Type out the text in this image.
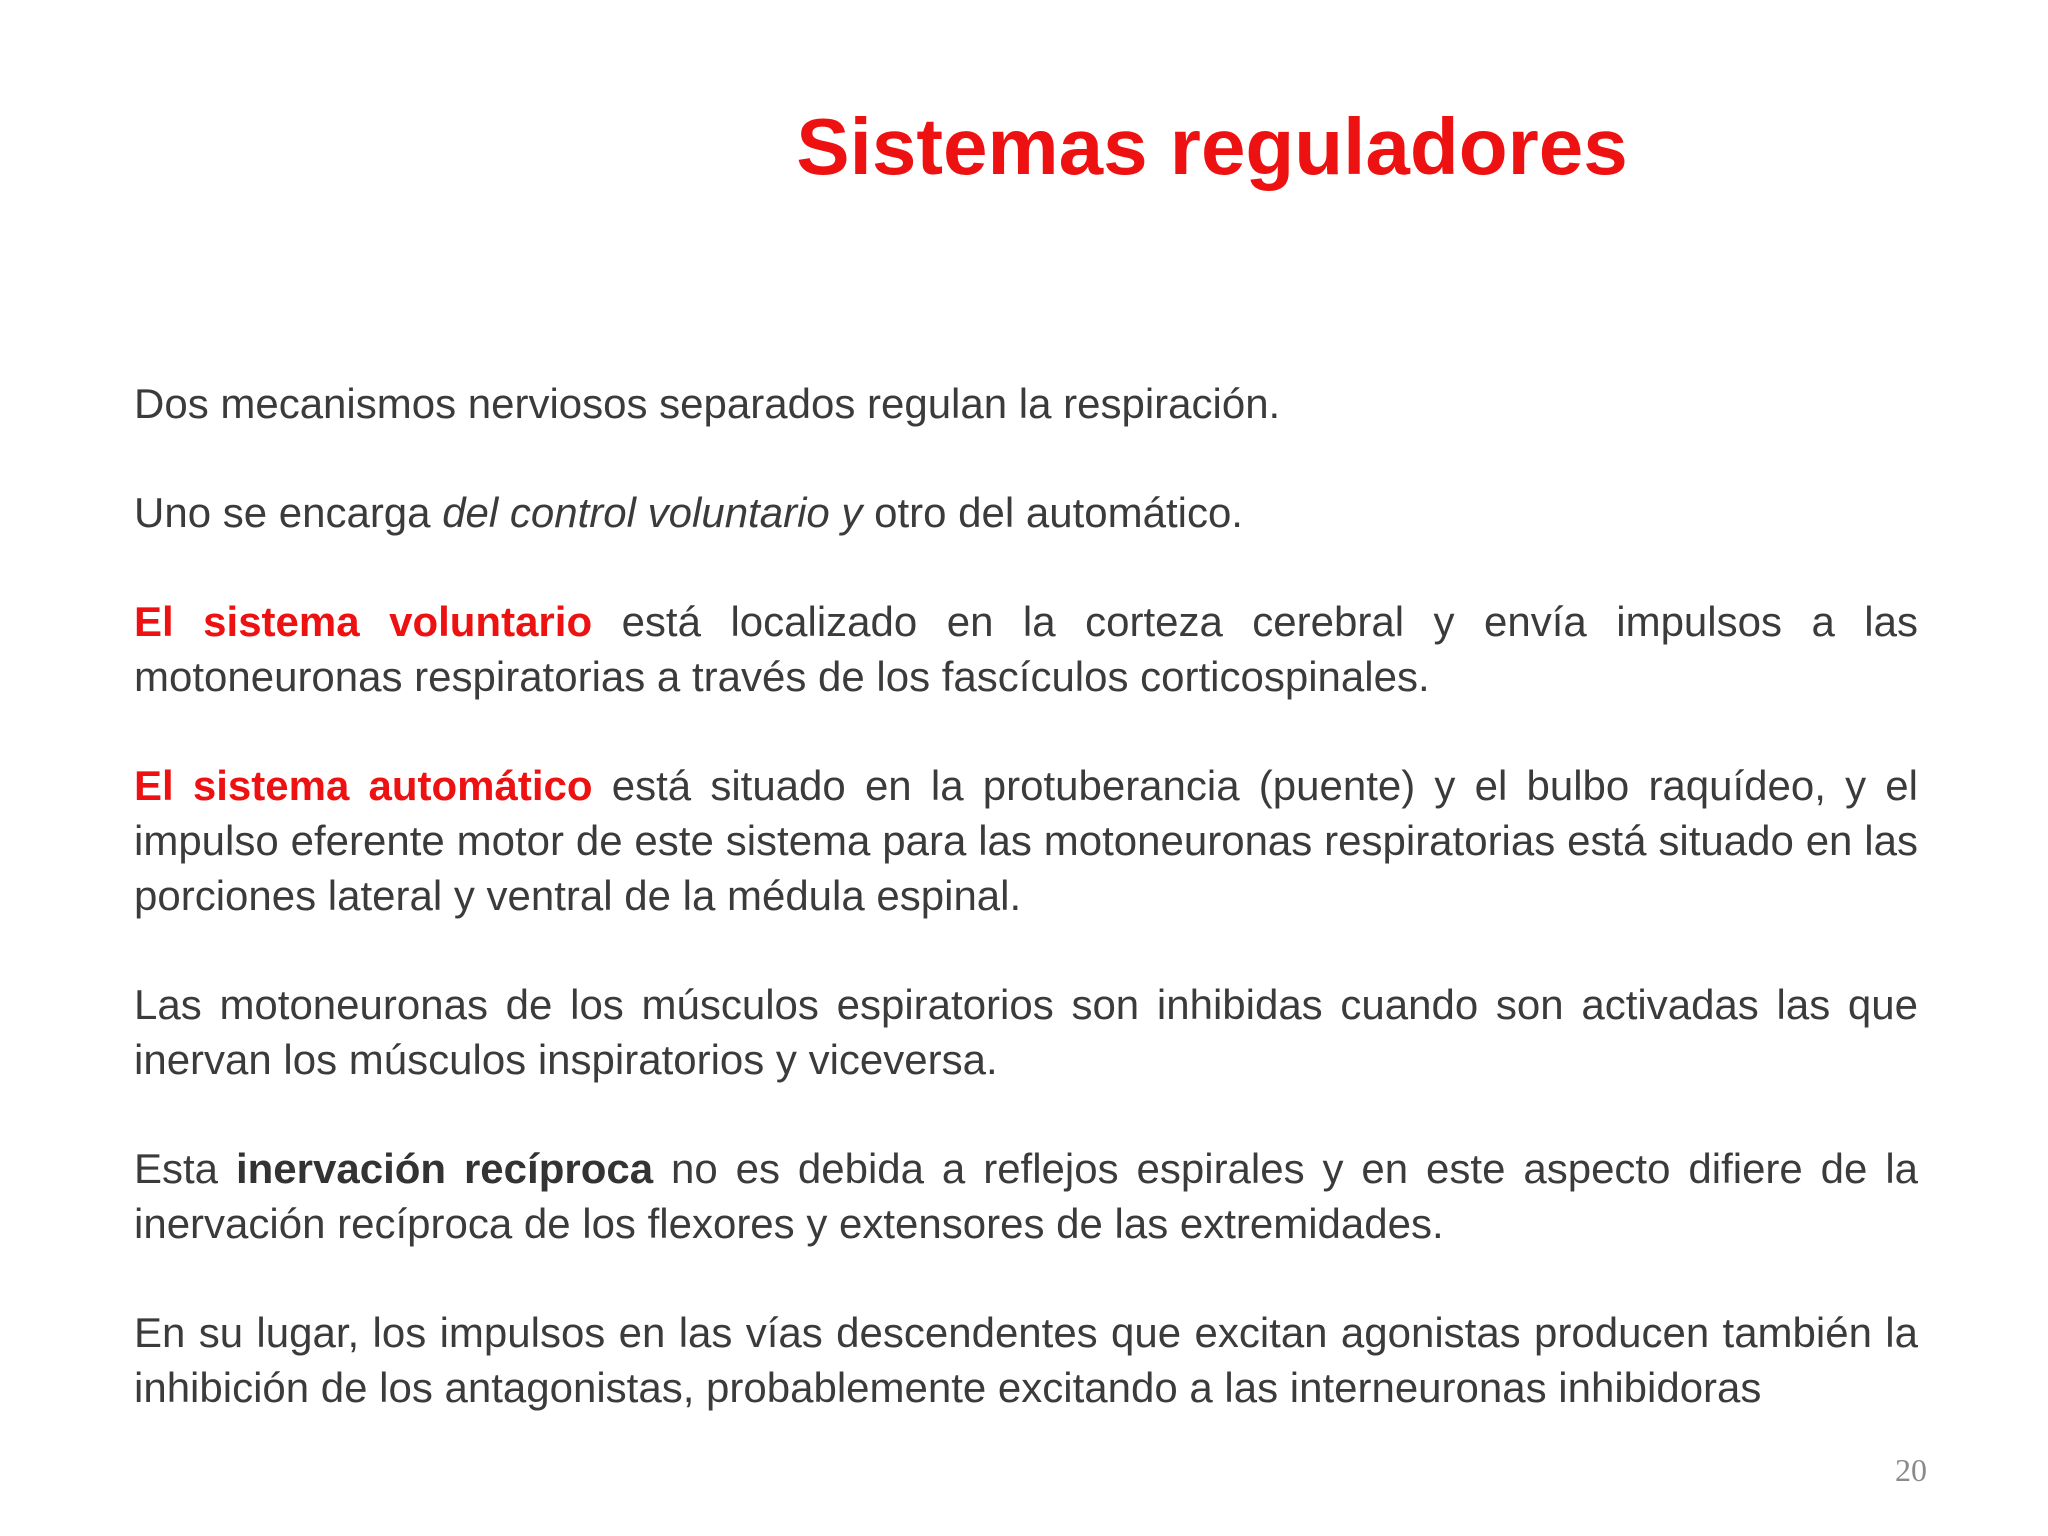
Sistemas reguladores

Dos mecanismos nerviosos separados regulan la respiración.

Uno se encarga del control voluntario y otro del automático.

El sistema voluntario está localizado en la corteza cerebral y envía impulsos a las motoneuronas respiratorias a través de los fascículos corticospinales.

El sistema automático está situado en la protuberancia (puente) y el bulbo raquídeo, y el impulso eferente motor de este sistema para las motoneuronas respiratorias está situado en las porciones lateral y ventral de la médula espinal.

Las motoneuronas de los músculos espiratorios son inhibidas cuando son activadas las que inervan los músculos inspiratorios y viceversa.

Esta inervación recíproca no es debida a reflejos espirales y en este aspecto difiere de la inervación recíproca de los flexores y extensores de las extremidades.

En su lugar, los impulsos en las vías descendentes que excitan agonistas producen también la inhibición de los antagonistas, probablemente excitando a las interneuronas inhibidoras

20
